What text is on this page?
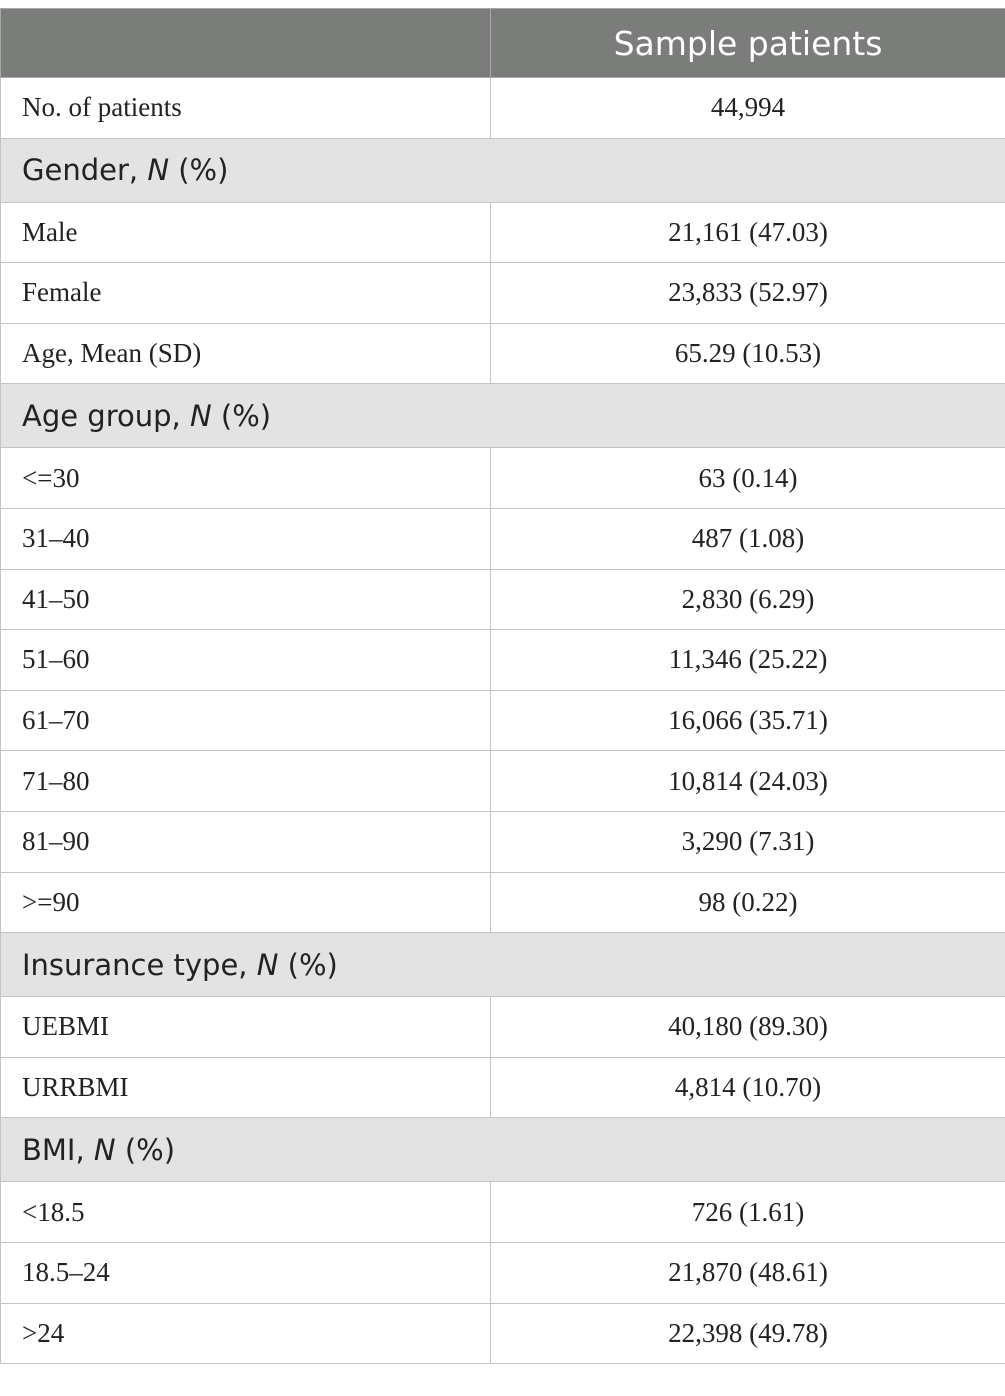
	Sample patients
No. of patients	44,994
Gender, N (%)	
Male	21,161 (47.03)
Female	23,833 (52.97)
Age, Mean (SD)	65.29 (10.53)
Age group, N (%)	
<=30	63 (0.14)
31–40	487 (1.08)
41–50	2,830 (6.29)
51–60	11,346 (25.22)
61–70	16,066 (35.71)
71–80	10,814 (24.03)
81–90	3,290 (7.31)
>=90	98 (0.22)
Insurance type, N (%)	
UEBMI	40,180 (89.30)
URRBMI	4,814 (10.70)
BMI, N (%)	
<18.5	726 (1.61)
18.5–24	21,870 (48.61)
>24	22,398 (49.78)
